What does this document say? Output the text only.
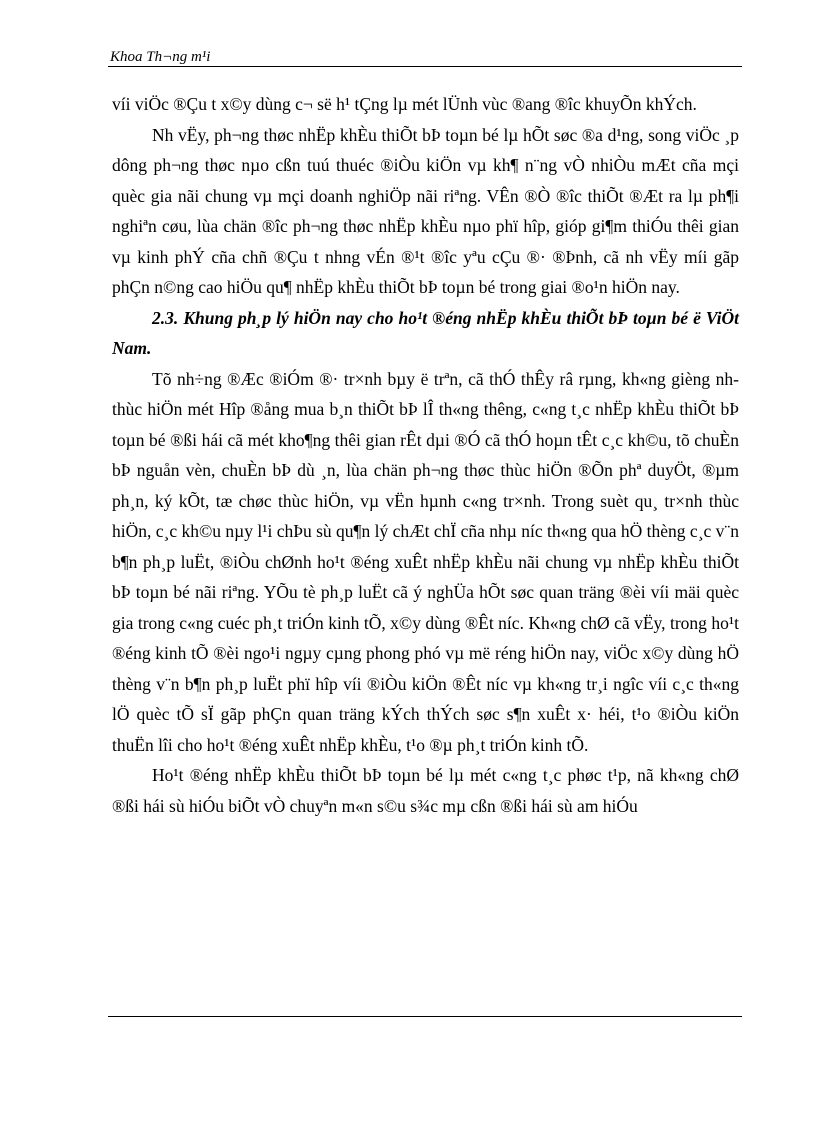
Khoa Th¬ng m¹i

víi viÖc ®Çu t x©y dùng c¬ së h¹ tÇng lµ mét lÜnh vùc ®ang ®îc khuyÕn khÝch.

Nh vËy, ph¬ng thøc nhËp khÈu thiÕt bÞ toµn bé lµ hÕt søc ®a d¹ng, song viÖc ¸p dông ph¬ng thøc nµo cßn tuú thuéc ®iÒu kiÖn vµ kh¶ n¨ng vÒ nhiÒu mÆt cña mçi quèc gia nãi chung vµ mçi doanh nghiÖp nãi riªng. VÊn ®Ò ®îc thiÕt ®Æt ra lµ ph¶i nghiªn cøu, lùa chän ®îc ph¬ng thøc nhËp khÈu nµo phï hîp, gióp gi¶m thiÓu thêi gian vµ kinh phÝ cña chñ ®Çu t nhng vÉn ®¹t ®îc yªu cÇu ®· ®Þnh, cã nh vËy míi gãp phÇn n©ng cao hiÖu qu¶ nhËp khÈu thiÕt bÞ toµn bé trong giai ®o¹n hiÖn nay.

2.3. Khung ph¸p lý hiÖn nay cho ho¹t ®éng nhËp khÈu thiÕt bÞ toµn bé ë ViÖt Nam.

Tõ nh÷ng ®Æc ®iÓm ®· tr×nh bµy ë trªn, cã thÓ thÊy râ rµng, kh«ng gièng nh thùc hiÖn mét Hîp ®ång mua b¸n thiÕt bÞ lÎ th«ng thêng, c«ng t¸c nhËp khÈu thiÕt bÞ toµn bé ®ßi hái cã mét kho¶ng thêi gian rÊt dµi ®Ó cã thÓ hoµn tÊt c¸c kh©u, tõ chuÈn bÞ nguån vèn, chuÈn bÞ dù ¸n, lùa chän ph¬ng thøc thùc hiÖn ®Õn phª duyÖt, ®µm ph¸n, ký kÕt, tæ chøc thùc hiÖn, vµ vËn hµnh c«ng tr×nh. Trong suèt qu¸ tr×nh thùc hiÖn, c¸c kh©u nµy l¹i chÞu sù qu¶n lý chÆt chÏ cña nhµ níc th«ng qua hÖ thèng c¸c v¨n b¶n ph¸p luËt, ®iÒu chØnh ho¹t ®éng xuÊt nhËp khÈu nãi chung vµ nhËp khÈu thiÕt bÞ toµn bé nãi riªng. YÕu tè ph¸p luËt cã ý nghÜa hÕt søc quan träng ®èi víi mäi quèc gia trong c«ng cuéc ph¸t triÓn kinh tÕ, x©y dùng ®Êt níc. Kh«ng chØ cã vËy, trong ho¹t ®éng kinh tÕ ®èi ngo¹i ngµy cµng phong phó vµ më réng hiÖn nay, viÖc x©y dùng hÖ thèng v¨n b¶n ph¸p luËt phï hîp víi ®iÒu kiÖn ®Êt níc vµ kh«ng tr¸i ngîc víi c¸c th«ng lÖ quèc tÕ sÏ gãp phÇn quan träng kÝch thÝch søc s¶n xuÊt x· héi, t¹o ®iÒu kiÖn thuËn lîi cho ho¹t ®éng xuÊt nhËp khÈu, t¹o ®µ ph¸t triÓn kinh tÕ.

Ho¹t ®éng nhËp khÈu thiÕt bÞ toµn bé lµ mét c«ng t¸c phøc t¹p, nã kh«ng chØ ®ßi hái sù hiÓu biÕt vÒ chuyªn m«n s©u s¾c mµ cßn ®ßi hái sù am hiÓu
